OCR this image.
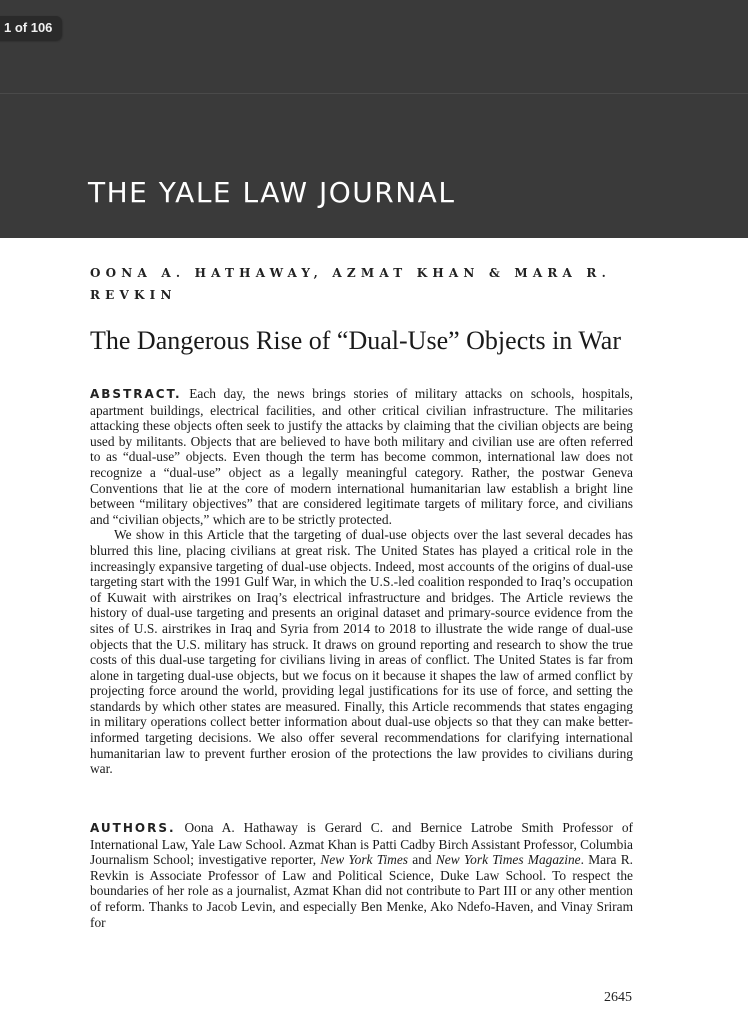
1 of 106
THE YALE LAW JOURNAL
OONA A. HATHAWAY, AZMAT KHAN & MARA R. REVKIN
The Dangerous Rise of “Dual-Use” Objects in War

ABSTRACT. Each day, the news brings stories of military attacks on schools, hospitals, apartment buildings, electrical facilities, and other critical civilian infrastructure. The militaries attacking these objects often seek to justify the attacks by claiming that the civilian objects are being used by militants. Objects that are believed to have both military and civilian use are often referred to as “dual-use” objects. Even though the term has become common, international law does not recognize a “dual-use” object as a legally meaningful category. Rather, the postwar Geneva Conventions that lie at the core of modern international humanitarian law establish a bright line between “military objectives” that are considered legitimate targets of military force, and civilians and “civilian objects,” which are to be strictly protected.

We show in this Article that the targeting of dual-use objects over the last several decades has blurred this line, placing civilians at great risk. The United States has played a critical role in the increasingly expansive targeting of dual-use objects. Indeed, most accounts of the origins of dual-use targeting start with the 1991 Gulf War, in which the U.S.-led coalition responded to Iraq’s occupation of Kuwait with airstrikes on Iraq’s electrical infrastructure and bridges. The Article reviews the history of dual-use targeting and presents an original dataset and primary-source evidence from the sites of U.S. airstrikes in Iraq and Syria from 2014 to 2018 to illustrate the wide range of dual-use objects that the U.S. military has struck. It draws on ground reporting and research to show the true costs of this dual-use targeting for civilians living in areas of conflict. The United States is far from alone in targeting dual-use objects, but we focus on it because it shapes the law of armed conflict by projecting force around the world, providing legal justifications for its use of force, and setting the standards by which other states are measured. Finally, this Article recommends that states engaging in military operations collect better information about dual-use objects so that they can make better-informed targeting decisions. We also offer several recommendations for clarifying international humanitarian law to prevent further erosion of the protections the law provides to civilians during war.

AUTHORS. Oona A. Hathaway is Gerard C. and Bernice Latrobe Smith Professor of International Law, Yale Law School. Azmat Khan is Patti Cadby Birch Assistant Professor, Columbia Journalism School; investigative reporter, New York Times and New York Times Magazine. Mara R. Revkin is Associate Professor of Law and Political Science, Duke Law School. To respect the boundaries of her role as a journalist, Azmat Khan did not contribute to Part III or any other mention of reform. Thanks to Jacob Levin, and especially Ben Menke, Ako Ndefo-Haven, and Vinay Sriram for

2645
